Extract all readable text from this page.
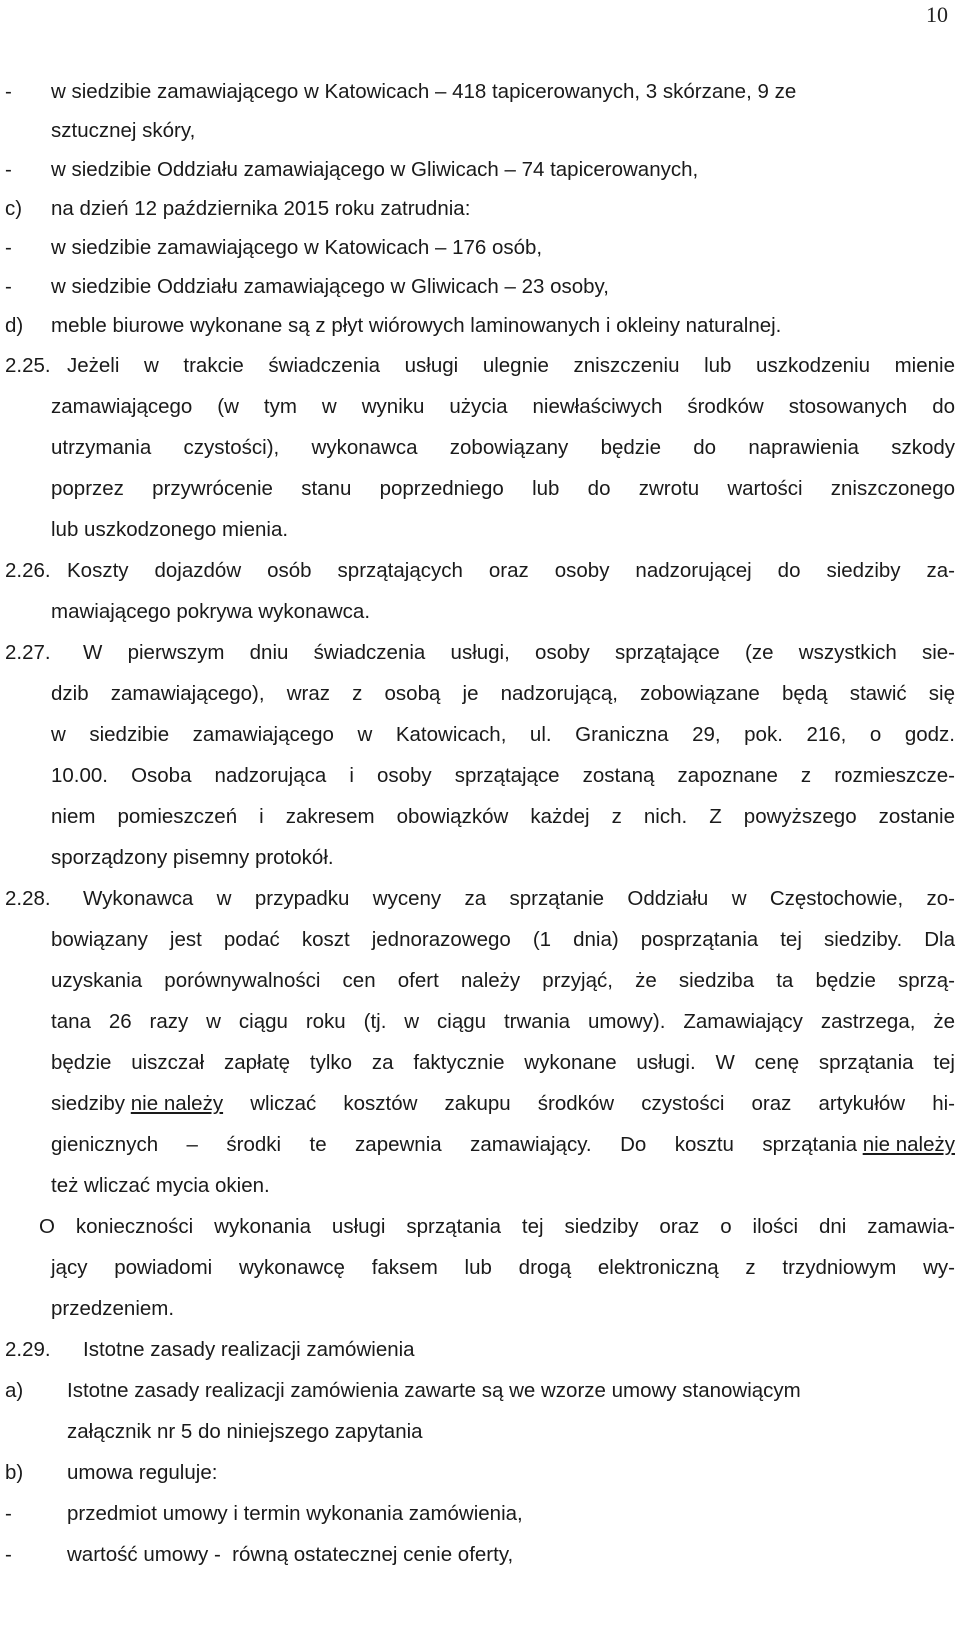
10
- w siedzibie zamawiającego w Katowicach – 418 tapicerowanych, 3 skórzane, 9 ze
sztucznej skóry,
- w siedzibie Oddziału zamawiającego w Gliwicach – 74 tapicerowanych,
c) na dzień 12 października 2015 roku zatrudnia:
- w siedzibie zamawiającego w Katowicach – 176 osób,
- w siedzibie Oddziału zamawiającego w Gliwicach – 23 osoby,
d) meble biurowe wykonane są z płyt wiórowych laminowanych i okleiny naturalnej.
2.25. Jeżeli w trakcie świadczenia usługi ulegnie zniszczeniu lub uszkodzeniu mienie
zamawiającego (w tym w wyniku użycia niewłaściwych środków stosowanych do
utrzymania czystości), wykonawca zobowiązany będzie do naprawienia szkody
poprzez przywrócenie stanu poprzedniego lub do zwrotu wartości zniszczonego
lub uszkodzonego mienia.
2.26. Koszty dojazdów osób sprzątających oraz osoby nadzorującej do siedziby za-
mawiającego pokrywa wykonawca.
2.27. W pierwszym dniu świadczenia usługi, osoby sprzątające (ze wszystkich sie-
dzib zamawiającego), wraz z osobą je nadzorującą, zobowiązane będą stawić się
w siedzibie zamawiającego w Katowicach, ul. Graniczna 29, pok. 216, o godz.
10.00. Osoba nadzorująca i osoby sprzątające zostaną zapoznane z rozmieszcze-
niem pomieszczeń i zakresem obowiązków każdej z nich. Z powyższego zostanie
sporządzony pisemny protokół.
2.28. Wykonawca w przypadku wyceny za sprzątanie Oddziału w Częstochowie, zo-
bowiązany jest podać koszt jednorazowego (1 dnia) posprzątania tej siedziby. Dla
uzyskania porównywalności cen ofert należy przyjąć, że siedziba ta będzie sprzą-
tana 26 razy w ciągu roku (tj. w ciągu trwania umowy). Zamawiający zastrzega, że
będzie uiszczał zapłatę tylko za faktycznie wykonane usługi. W cenę sprzątania tej
siedziby nie należy wliczać kosztów zakupu środków czystości oraz artykułów hi-
gienicznych – środki te zapewnia zamawiający. Do kosztu sprzątania nie należy
też wliczać mycia okien.
O konieczności wykonania usługi sprzątania tej siedziby oraz o ilości dni zamawia-
jący powiadomi wykonawcę faksem lub drogą elektroniczną z trzydniowym wy-
przedzeniem.
2.29. Istotne zasady realizacji zamówienia
a) Istotne zasady realizacji zamówienia zawarte są we wzorze umowy stanowiącym
załącznik nr 5 do niniejszego zapytania
b) umowa reguluje:
-	przedmiot umowy i termin wykonania zamówienia,
-	wartość umowy -  równą ostatecznej cenie oferty,
